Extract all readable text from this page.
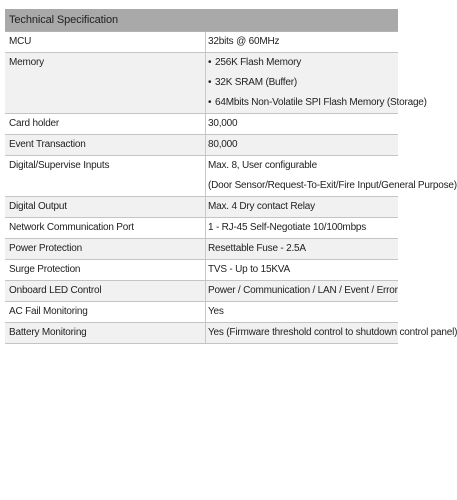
Technical Specification
MCU	32bits @ 60MHz

Memory	• 256K Flash Memory
• 32K SRAM (Buffer)
• 64Mbits Non-Volatile SPI Flash Memory (Storage)

Card holder	30,000

Event Transaction	80,000

Digital/Supervise Inputs	Max. 8, User configurable
(Door Sensor/Request-To-Exit/Fire Input/General Purpose)

Digital Output	Max. 4 Dry contact Relay

Network Communication Port	1 - RJ-45 Self-Negotiate 10/100mbps

Power Protection	Resettable Fuse - 2.5A

Surge Protection	TVS - Up to 15KVA

Onboard LED Control	Power / Communication / LAN / Event / Error

AC Fail Monitoring	Yes

Battery Monitoring	Yes (Firmware threshold control to shutdown control panel)
